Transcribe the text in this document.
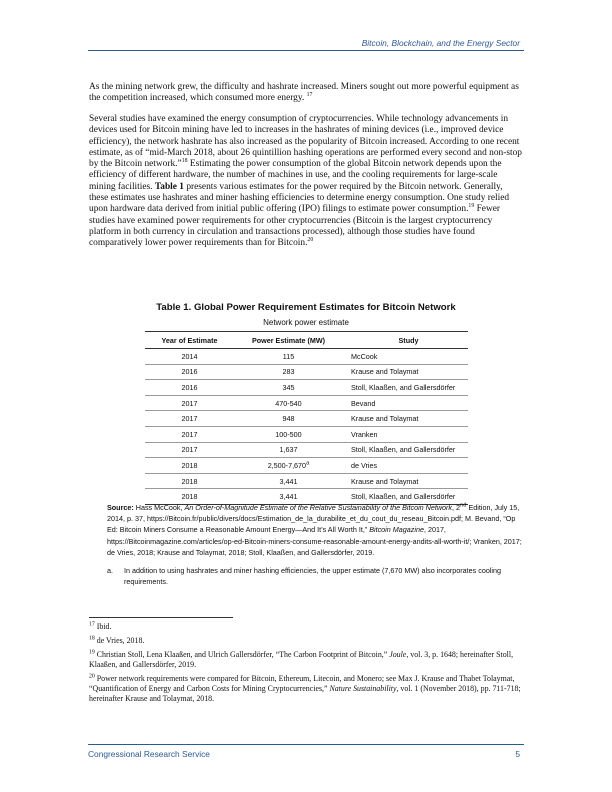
Bitcoin, Blockchain, and the Energy Sector

As the mining network grew, the difficulty and hashrate increased. Miners sought out more powerful equipment as the competition increased, which consumed more energy. $^{17}$

Several studies have examined the energy consumption of cryptocurrencies. While technology advancements in devices used for Bitcoin mining have led to increases in the hashrates of mining devices (i.e., improved device efficiency), the network hashrate has also increased as the popularity of Bitcoin increased. According to one recent estimate, as of “mid-March 2018, about 26 quintillion hashing operations are performed every second and non-stop by the Bitcoin network.”$^{18}$ Estimating the power consumption of the global Bitcoin network depends upon the efficiency of different hardware, the number of machines in use, and the cooling requirements for large-scale mining facilities. Table 1 presents various estimates for the power required by the Bitcoin network. Generally, these estimates use hashrates and miner hashing efficiencies to determine energy consumption. One study relied upon hardware data derived from initial public offering (IPO) filings to estimate power consumption.$^{19}$ Fewer studies have examined power requirements for other cryptocurrencies (Bitcoin is the largest cryptocurrency platform in both currency in circulation and transactions processed), although those studies have found comparatively lower power requirements than for Bitcoin.$^{20}$

Table 1. Global Power Requirement Estimates for Bitcoin Network
Network power estimate
Year of Estimate	Power Estimate (MW)	Study
2014	115	McCook
2016	283	Krause and Tolaymat
2016	345	Stoll, Klaaßen, and Gallersdörfer
2017	470-540	Bevand
2017	948	Krause and Tolaymat
2017	100-500	Vranken
2017	1,637	Stoll, Klaaßen, and Gallersdörfer
2018	2,500-7,670$^a$	de Vries
2018	3,441	Krause and Tolaymat
2018	3,441	Stoll, Klaaßen, and Gallersdörfer

Source: Hass McCook, An Order-of-Magnitude Estimate of the Relative Sustainability of the Bitcoin Network, 2nd Edition, July 15, 2014, p. 37, https://Bitcoin.fr/public/divers/docs/Estimation_de_la_durabilite_et_du_cout_du_reseau_Bitcoin.pdf; M. Bevand, “Op Ed: Bitcoin Miners Consume a Reasonable Amount Energy—And It’s All Worth It,” Bitcoin Magazine, 2017, https://Bitcoinmagazine.com/articles/op-ed-Bitcoin-miners-consume-reasonable-amount-energy-andits-all-worth-it/; Vranken, 2017; de Vries, 2018; Krause and Tolaymat, 2018; Stoll, Klaaßen, and Gallersdörfer, 2019.

a. In addition to using hashrates and miner hashing efficiencies, the upper estimate (7,670 MW) also incorporates cooling requirements.

$^{17}$ Ibid.

$^{18}$ de Vries, 2018.

$^{19}$ Christian Stoll, Lena Klaaßen, and Ulrich Gallersdörfer, “The Carbon Footprint of Bitcoin,” Joule, vol. 3, p. 1648; hereinafter Stoll, Klaaßen, and Gallersdörfer, 2019.

$^{20}$ Power network requirements were compared for Bitcoin, Ethereum, Litecoin, and Monero; see Max J. Krause and Thabet Tolaymat, “Quantification of Energy and Carbon Costs for Mining Cryptocurrencies,” Nature Sustainability, vol. 1 (November 2018), pp. 711-718; hereinafter Krause and Tolaymat, 2018.

Congressional Research Service	5
